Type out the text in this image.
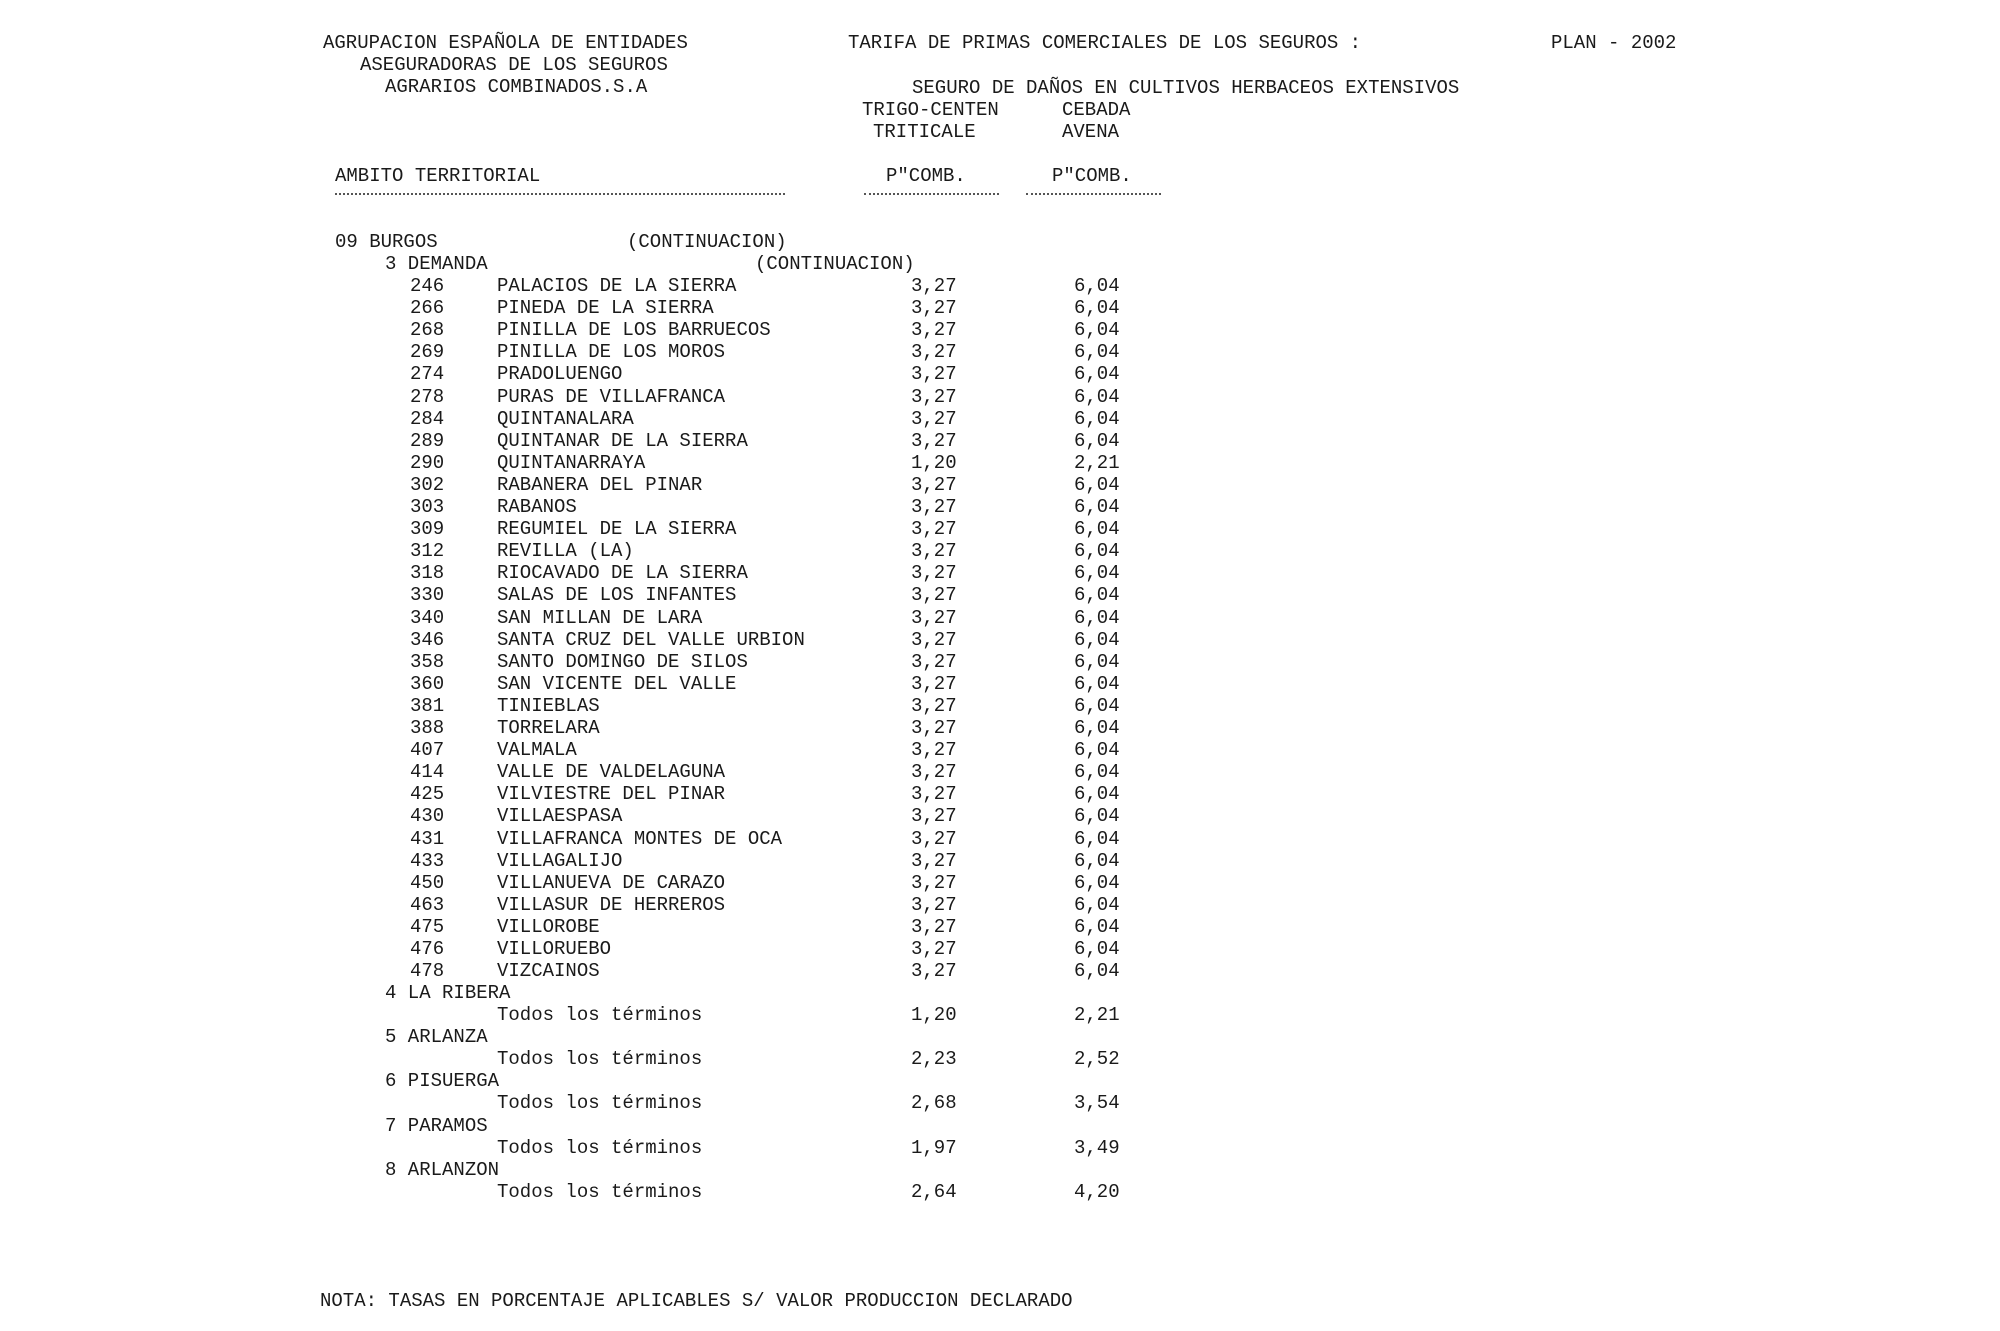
AGRUPACION ESPAÑOLA DE ENTIDADES
ASEGURADORAS DE LOS SEGUROS
AGRARIOS COMBINADOS.S.A
TARIFA DE PRIMAS COMERCIALES DE LOS SEGUROS :	PLAN - 2002
SEGURO DE DAÑOS EN CULTIVOS HERBACEOS EXTENSIVOS
TRIGO-CENTEN
TRITICALE
CEBADA
AVENA
AMBITO TERRITORIAL	P"COMB.	P"COMB.
09 BURGOS	(CONTINUACION)
3 DEMANDA	(CONTINUACION)
246	PALACIOS DE LA SIERRA	3,27	6,04
266	PINEDA DE LA SIERRA	3,27	6,04
268	PINILLA DE LOS BARRUECOS	3,27	6,04
269	PINILLA DE LOS MOROS	3,27	6,04
274	PRADOLUENGO	3,27	6,04
278	PURAS DE VILLAFRANCA	3,27	6,04
284	QUINTANALARA	3,27	6,04
289	QUINTANAR DE LA SIERRA	3,27	6,04
290	QUINTANARRAYA	1,20	2,21
302	RABANERA DEL PINAR	3,27	6,04
303	RABANOS	3,27	6,04
309	REGUMIEL DE LA SIERRA	3,27	6,04
312	REVILLA (LA)	3,27	6,04
318	RIOCAVADO DE LA SIERRA	3,27	6,04
330	SALAS DE LOS INFANTES	3,27	6,04
340	SAN MILLAN DE LARA	3,27	6,04
346	SANTA CRUZ DEL VALLE URBION	3,27	6,04
358	SANTO DOMINGO DE SILOS	3,27	6,04
360	SAN VICENTE DEL VALLE	3,27	6,04
381	TINIEBLAS	3,27	6,04
388	TORRELARA	3,27	6,04
407	VALMALA	3,27	6,04
414	VALLE DE VALDELAGUNA	3,27	6,04
425	VILVIESTRE DEL PINAR	3,27	6,04
430	VILLAESPASA	3,27	6,04
431	VILLAFRANCA MONTES DE OCA	3,27	6,04
433	VILLAGALIJO	3,27	6,04
450	VILLANUEVA DE CARAZO	3,27	6,04
463	VILLASUR DE HERREROS	3,27	6,04
475	VILLOROBE	3,27	6,04
476	VILLORUEBO	3,27	6,04
478	VIZCAINOS	3,27	6,04
4 LA RIBERA
Todos los términos	1,20	2,21
5 ARLANZA
Todos los términos	2,23	2,52
6 PISUERGA
Todos los términos	2,68	3,54
7 PARAMOS
Todos los términos	1,97	3,49
8 ARLANZON
Todos los términos	2,64	4,20
NOTA: TASAS EN PORCENTAJE APLICABLES S/ VALOR PRODUCCION DECLARADO
